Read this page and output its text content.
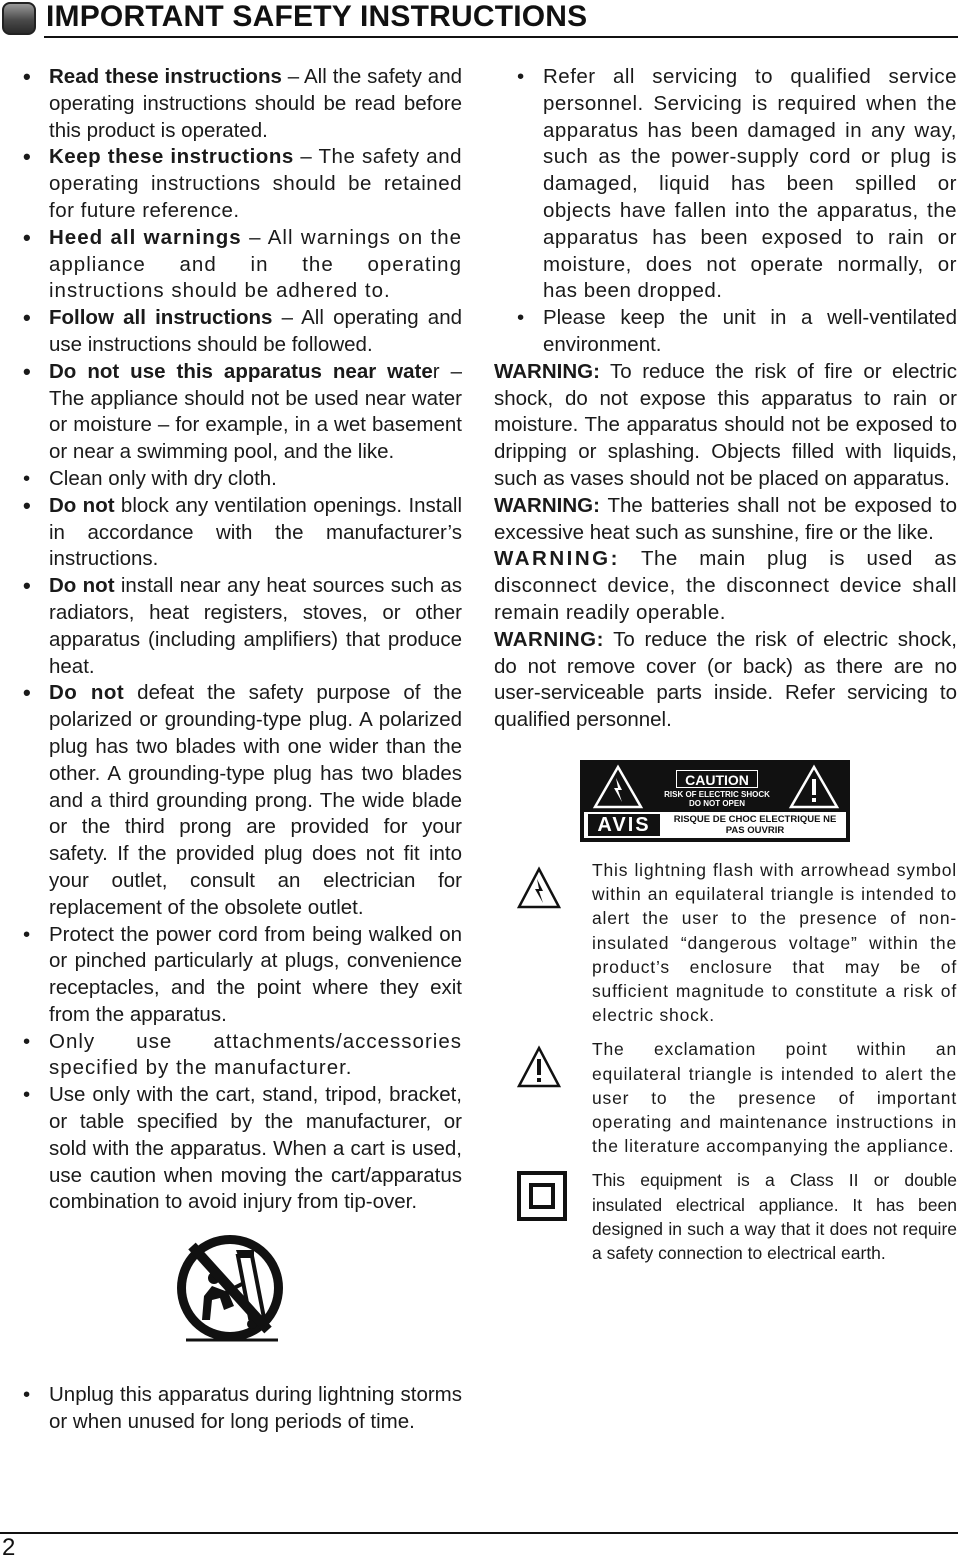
IMPORTANT SAFETY INSTRUCTIONS
• Read these instructions – All the safety and operating instructions should be read before this product is operated.
• Keep these instructions – The safety and operating instructions should be retained for future reference.
• Heed all warnings – All warnings on the appliance and in the operating instructions should be adhered to.
• Follow all instructions – All operating and use instructions should be followed.
• Do not use this apparatus near water – The appliance should not be used near water or moisture – for example, in a wet basement or near a swimming pool, and the like.
• Clean only with dry cloth.
• Do not block any ventilation openings. Install in accordance with the manufacturer’s instructions.
• Do not install near any heat sources such as radiators, heat registers, stoves, or other apparatus (including amplifiers) that produce heat.
• Do not defeat the safety purpose of the polarized or grounding-type plug. A polarized plug has two blades with one wider than the other. A grounding-type plug has two blades and a third grounding prong. The wide blade or the third prong are provided for your safety. If the provided plug does not fit into your outlet, consult an electrician for replacement of the obsolete outlet.
• Protect the power cord from being walked on or pinched particularly at plugs, convenience receptacles, and the point where they exit from the apparatus.
• Only use attachments/accessories specified by the manufacturer.
• Use only with the cart, stand, tripod, bracket, or table specified by the manufacturer, or sold with the apparatus. When a cart is used, use caution when moving the cart/apparatus combination to avoid injury from tip-over.
• Unplug this apparatus during lightning storms or when unused for long periods of time.
• Refer all servicing to qualified service personnel. Servicing is required when the apparatus has been damaged in any way, such as the power-supply cord or plug is damaged, liquid has been spilled or objects have fallen into the apparatus, the apparatus has been exposed to rain or moisture, does not operate normally, or has been dropped.
• Please keep the unit in a well-ventilated environment.

WARNING: To reduce the risk of fire or electric shock, do not expose this apparatus to rain or moisture. The apparatus should not be exposed to dripping or splashing. Objects filled with liquids, such as vases should not be placed on apparatus.

WARNING: The batteries shall not be exposed to excessive heat such as sunshine, fire or the like.

WARNING: The main plug is used as disconnect device, the disconnect device shall remain readily operable.

WARNING: To reduce the risk of electric shock, do not remove cover (or back) as there are no user-serviceable parts inside. Refer servicing to qualified personnel.

CAUTION
RISK OF ELECTRIC SHOCK
DO NOT OPEN
AVIS	RISQUE DE CHOC ELECTRIQUE NE
PAS OUVRIR
This lightning flash with arrowhead symbol within an equilateral triangle is intended to alert the user to the presence of non-insulated “dangerous voltage” within the product’s enclosure that may be of sufficient magnitude to constitute a risk of electric shock.
The exclamation point within an equilateral triangle is intended to alert the user to the presence of important operating and maintenance instructions in the literature accompanying the appliance.
This equipment is a Class II or double insulated electrical appliance. It has been designed in such a way that it does not require a safety connection to electrical earth.
2
